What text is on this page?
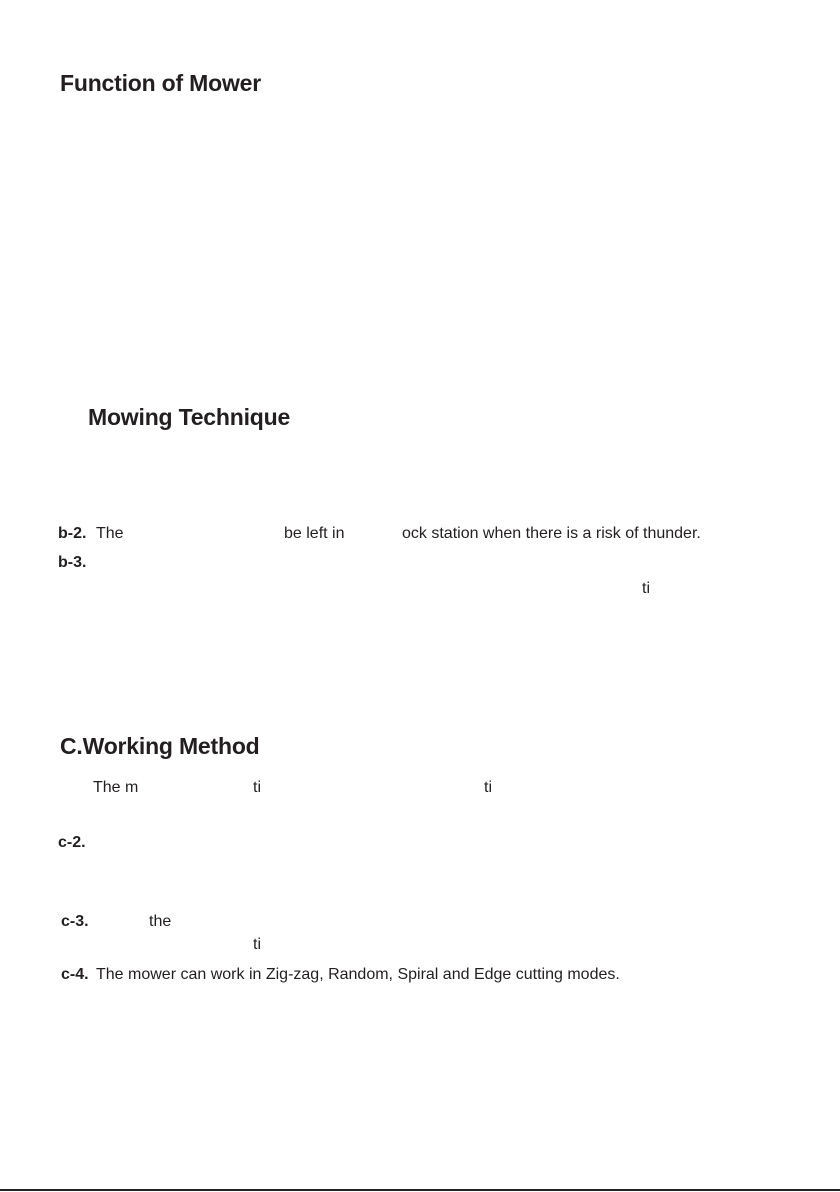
Function of Mower
Mowing Technique
b-2. The	be left in	ock station when there is a risk of thunder.
b-3.
ti
C.Working Method
The m	ti	ti
c-2.
c-3.	the
ti
c-4. The mower can work in Zig-zag, Random, Spiral and Edge cutting modes.
